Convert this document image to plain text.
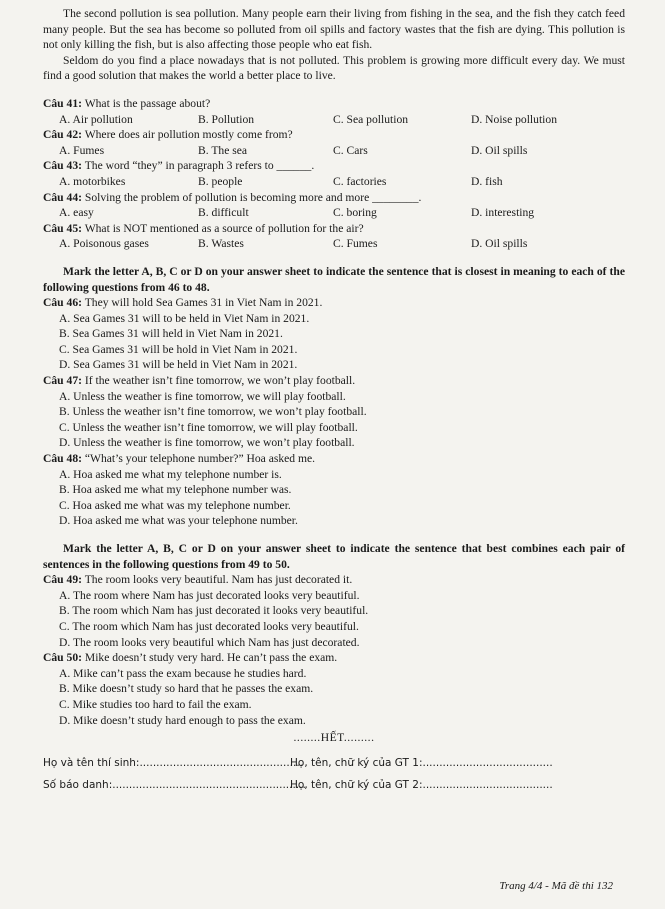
The second pollution is sea pollution. Many people earn their living from fishing in the sea, and the fish they catch feed many people. But the sea has become so polluted from oil spills and factory wastes that the fish are dying. This pollution is not only killing the fish, but is also affecting those people who eat fish.

Seldom do you find a place nowadays that is not polluted. This problem is growing more difficult every day. We must find a good solution that makes the world a better place to live.

Câu 41: What is the passage about?

A. Air pollution	B. Pollution	C. Sea pollution	D. Noise pollution

Câu 42: Where does air pollution mostly come from?

A. Fumes	B. The sea	C. Cars	D. Oil spills

Câu 43: The word “they” in paragraph 3 refers to ______.

A. motorbikes	B. people	C. factories	D. fish

Câu 44: Solving the problem of pollution is becoming more and more ________.

A. easy	B. difficult	C. boring	D. interesting

Câu 45: What is NOT mentioned as a source of pollution for the air?

A. Poisonous gases	B. Wastes	C. Fumes	D. Oil spills

Mark the letter A, B, C or D on your answer sheet to indicate the sentence that is closest in meaning to each of the following questions from 46 to 48.

Câu 46: They will hold Sea Games 31 in Viet Nam in 2021.

A. Sea Games 31 will to be held in Viet Nam in 2021.

B. Sea Games 31 will held in Viet Nam in 2021.

C. Sea Games 31 will be hold in Viet Nam in 2021.

D. Sea Games 31 will be held in Viet Nam in 2021.

Câu 47: If the weather isn’t fine tomorrow, we won’t play football.

A. Unless the weather is fine tomorrow, we will play football.

B. Unless the weather isn’t fine tomorrow, we won’t play football.

C. Unless the weather isn’t fine tomorrow, we will play football.

D. Unless the weather is fine tomorrow, we won’t play football.

Câu 48: “What’s your telephone number?” Hoa asked me.

A. Hoa asked me what my telephone number is.

B. Hoa asked me what my telephone number was.

C. Hoa asked me what was my telephone number.

D. Hoa asked me what was your telephone number.

Mark the letter A, B, C or D on your answer sheet to indicate the sentence that best combines each pair of sentences in the following questions from 49 to 50.

Câu 49: The room looks very beautiful. Nam has just decorated it.

A. The room where Nam has just decorated looks very beautiful.

B. The room which Nam has just decorated it looks very beautiful.

C. The room which Nam has just decorated looks very beautiful.

D. The room looks very beautiful which Nam has just decorated.

Câu 50: Mike doesn’t study very hard. He can’t pass the exam.

A. Mike can’t pass the exam because he studies hard.

B. Mike doesn’t study so hard that he passes the exam.

C. Mike studies too hard to fail the exam.

D. Mike doesn’t study hard enough to pass the exam.

........HẾT.........

Họ và tên thí sinh:.................................................
Họ, tên, chữ ký của GT 1:.......................................
Số báo danh:..........................................................
Họ, tên, chữ ký của GT 2:.......................................
Trang 4/4 - Mã đề thi 132
